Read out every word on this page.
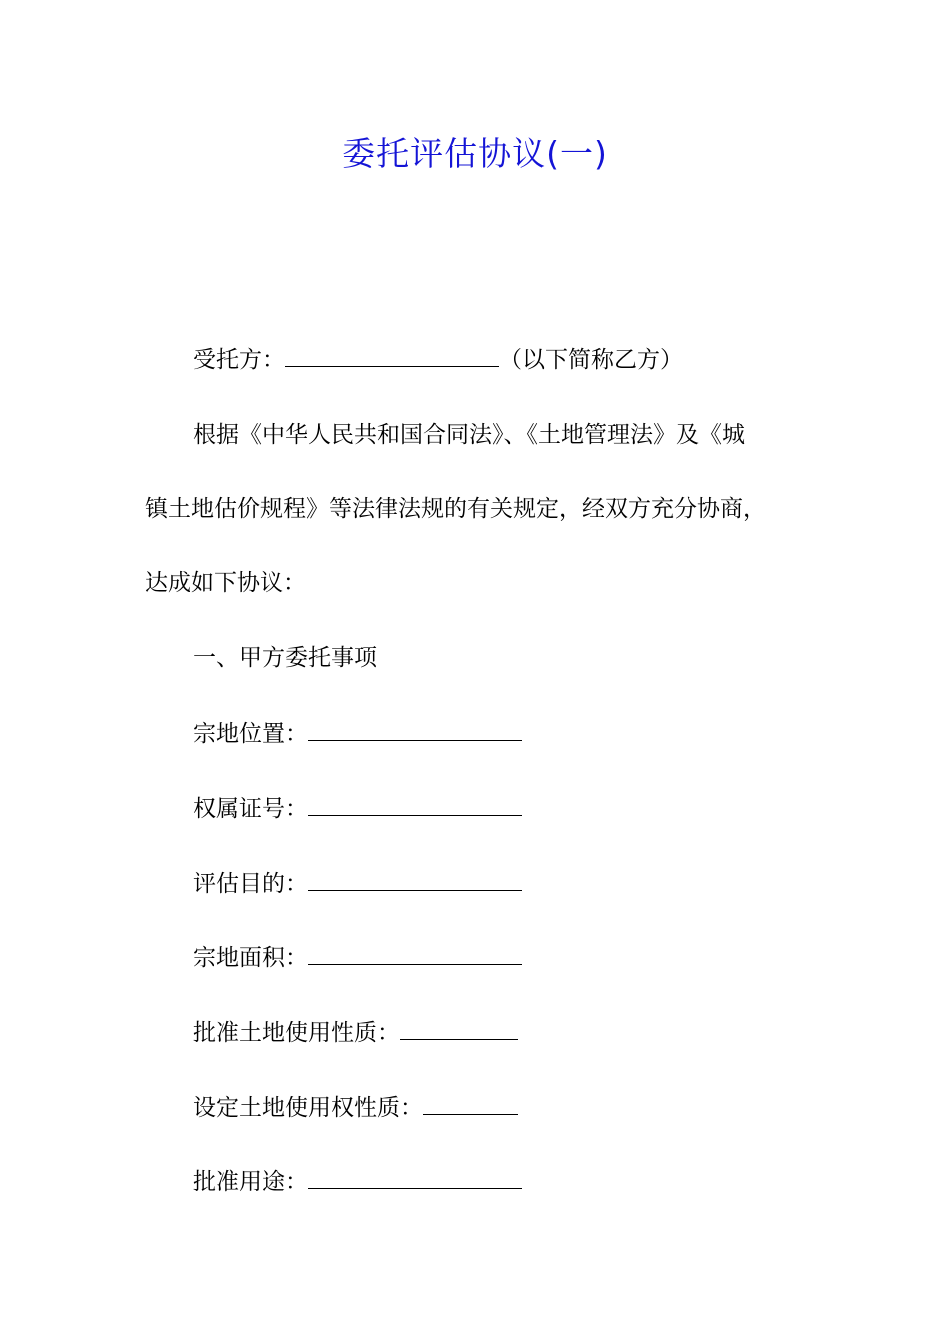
委托评估协议(一)
受托方：	（以下简称乙方）
根据《中华人民共和国合同法》、《土地管理法》及《城
镇土地估价规程》等法律法规的有关规定，经双方充分协商，
达成如下协议：
一、甲方委托事项
宗地位置：
权属证号：
评估目的：
宗地面积：
批准土地使用性质：
设定土地使用权性质：
批准用途：
